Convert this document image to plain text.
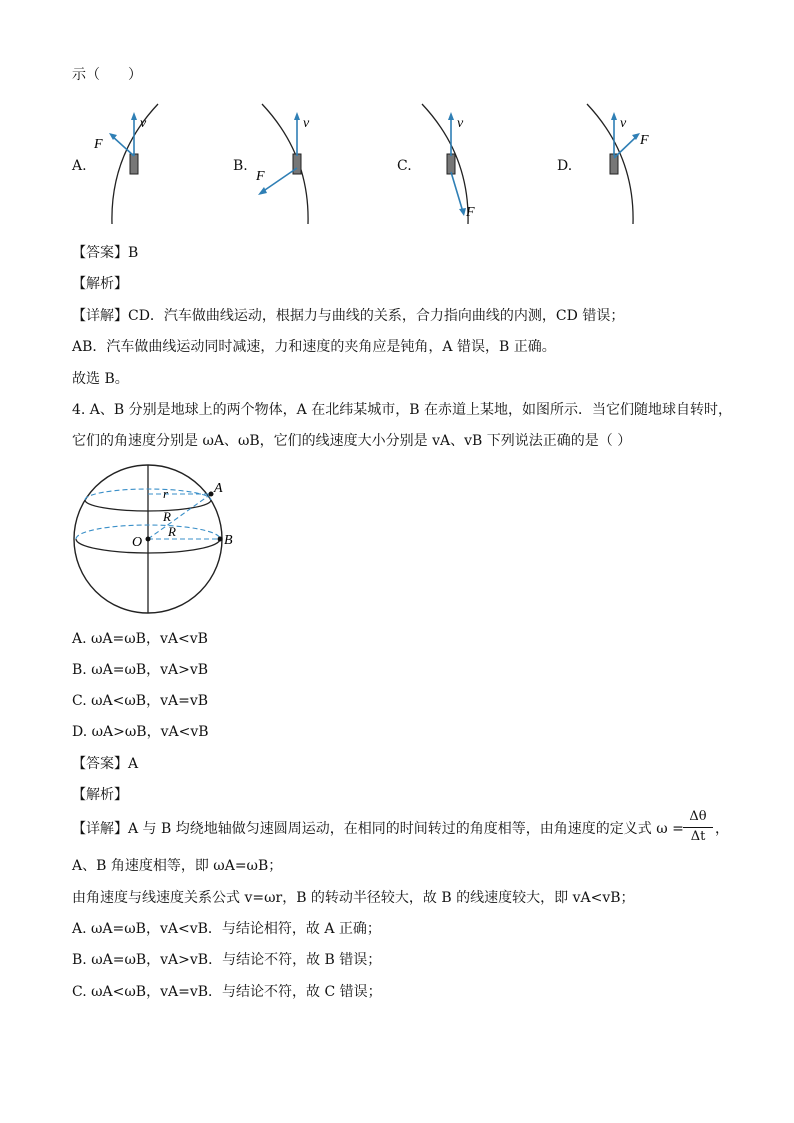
示（　　）
A.
v
F
B.
v
F
C.
v
F
D.
v
F
【答案】B
【解析】
【详解】CD．汽车做曲线运动，根据力与曲线的关系，合力指向曲线的内测，CD 错误；
AB．汽车做曲线运动同时减速，力和速度的夹角应是钝角，A 错误，B 正确。
故选 B。
4. A、B 分别是地球上的两个物体，A 在北纬某城市，B 在赤道上某地，如图所示．当它们随地球自转时，
它们的角速度分别是 ωA、ωB，它们的线速度大小分别是 vA、vB 下列说法正确的是（ ）
A
B
O
r
R
R
A. ωA=ωB，vA<vB
B. ωA=ωB，vA>vB
C. ωA<ωB，vA=vB
D. ωA>ωB，vA<vB
【答案】A
【解析】
【详解】A 与 B 均绕地轴做匀速圆周运动，在相同的时间转过的角度相等，由角速度的定义式 ω =
Δθ
Δt ，
A、B 角速度相等，即 ωA=ωB；
由角速度与线速度关系公式 v=ωr，B 的转动半径较大，故 B 的线速度较大，即 vA<vB；
A. ωA=ωB，vA<vB．与结论相符，故 A 正确；
B. ωA=ωB，vA>vB．与结论不符，故 B 错误；
C. ωA<ωB，vA=vB．与结论不符，故 C 错误；
